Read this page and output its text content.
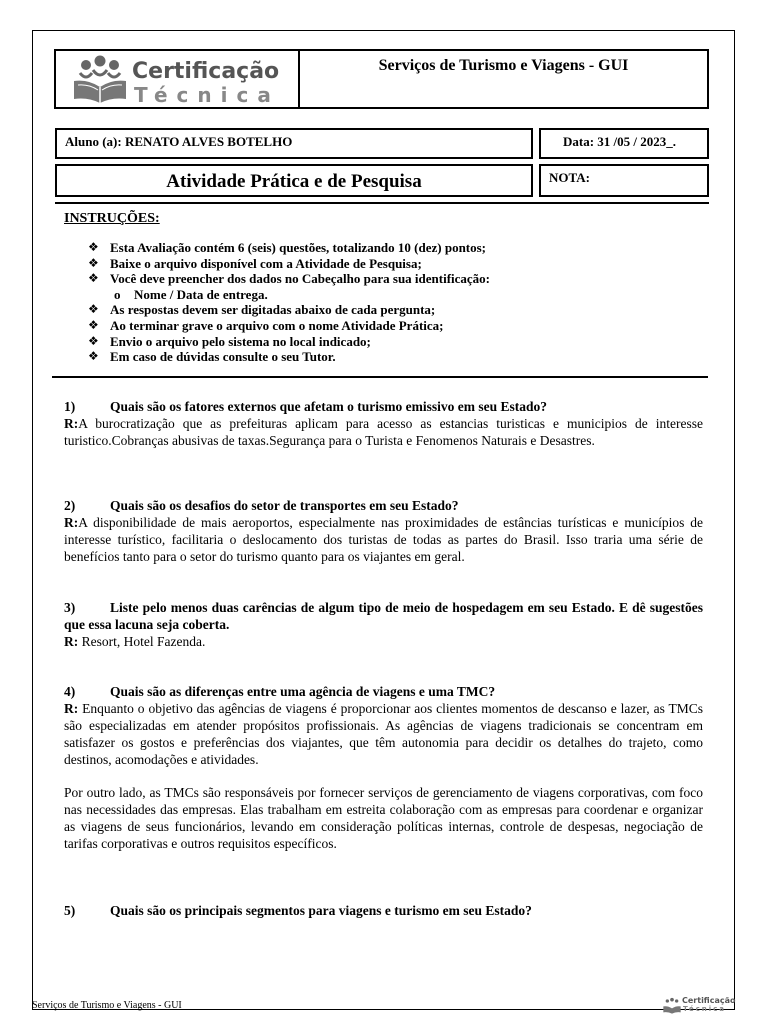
Certificação
Técnica
Serviços de Turismo e Viagens - GUI
Aluno (a): RENATO ALVES BOTELHO	Data: 31 /05 / 2023_.
Atividade Prática e de Pesquisa	NOTA:
INSTRUÇÕES:
❖ Esta Avaliação contém 6 (seis) questões, totalizando 10 (dez) pontos;
❖ Baixe o arquivo disponível com a Atividade de Pesquisa;
❖ Você deve preencher dos dados no Cabeçalho para sua identificação:
o Nome / Data de entrega.
❖ As respostas devem ser digitadas abaixo de cada pergunta;
❖ Ao terminar grave o arquivo com o nome Atividade Prática;
❖ Envio o arquivo pelo sistema no local indicado;
❖ Em caso de dúvidas consulte o seu Tutor.
1)	Quais são os fatores externos que afetam o turismo emissivo em seu Estado?

R:A burocratização que as prefeituras aplicam para acesso as estancias turisticas e municipios de interesse turistico.Cobranças abusivas de taxas.Segurança para o Turista e Fenomenos Naturais e Desastres.

2)	Quais são os desafios do setor de transportes em seu Estado?

R:A disponibilidade de mais aeroportos, especialmente nas proximidades de estâncias turísticas e municípios de interesse turístico, facilitaria o deslocamento dos turistas de todas as partes do Brasil. Isso traria uma série de benefícios tanto para o setor do turismo quanto para os viajantes em geral.

3)	Liste pelo menos duas carências de algum tipo de meio de hospedagem em seu Estado. E dê sugestões que essa lacuna seja coberta.

R: Resort, Hotel Fazenda.

4)	Quais são as diferenças entre uma agência de viagens e uma TMC?

R: Enquanto o objetivo das agências de viagens é proporcionar aos clientes momentos de descanso e lazer, as TMCs são especializadas em atender propósitos profissionais. As agências de viagens tradicionais se concentram em satisfazer os gostos e preferências dos viajantes, que têm autonomia para decidir os detalhes do trajeto, como destinos, acomodações e atividades.

Por outro lado, as TMCs são responsáveis por fornecer serviços de gerenciamento de viagens corporativas, com foco nas necessidades das empresas. Elas trabalham em estreita colaboração com as empresas para coordenar e organizar as viagens de seus funcionários, levando em consideração políticas internas, controle de despesas, negociação de tarifas corporativas e outros requisitos específicos.

5)	Quais são os principais segmentos para viagens e turismo em seu Estado?
Serviços de Turismo e Viagens - GUI	Certificação
Técnica
